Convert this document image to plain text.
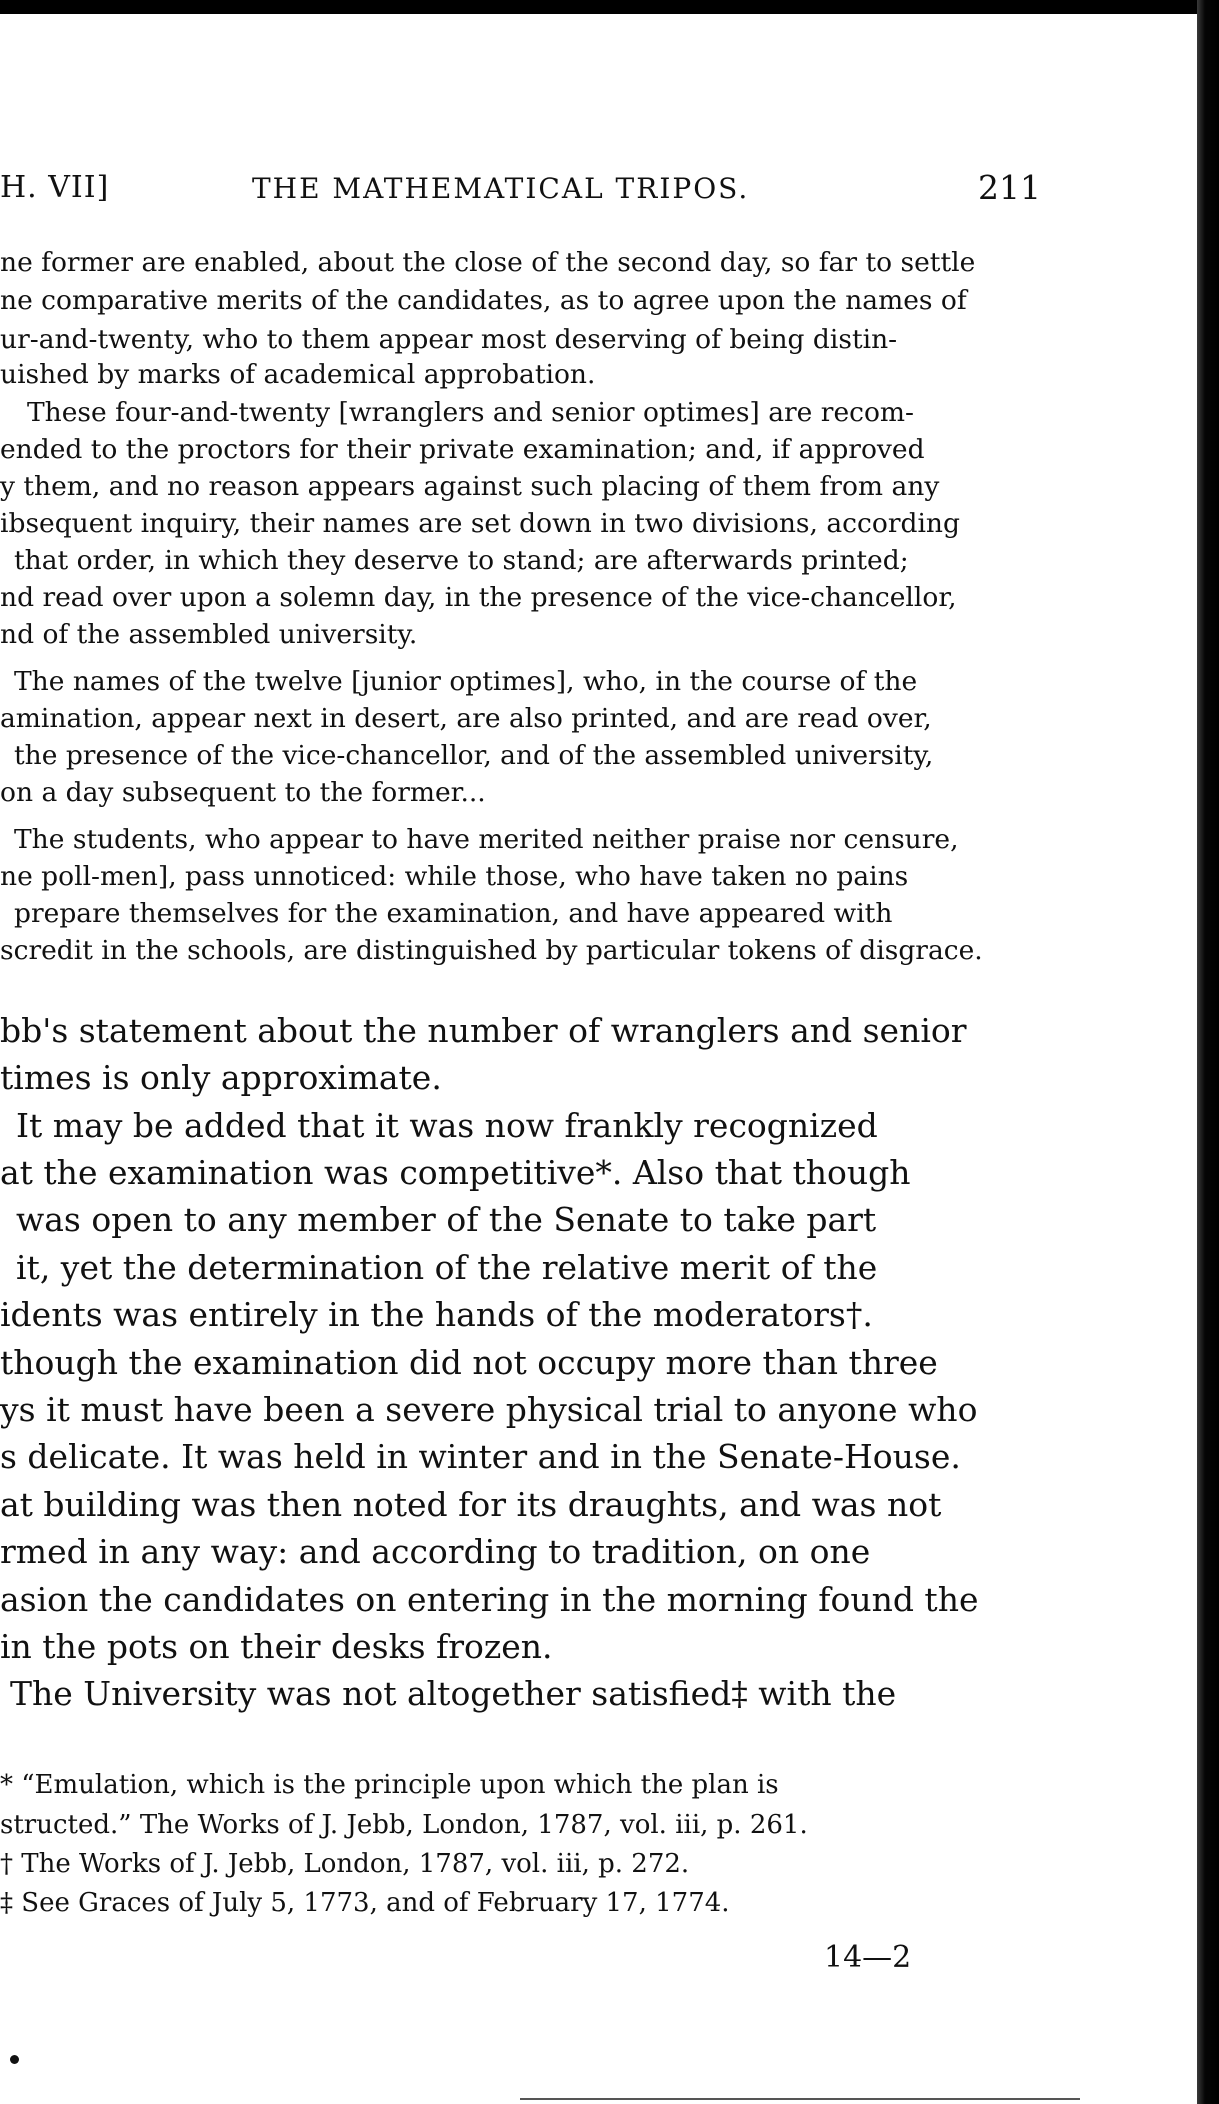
H. VII]	THE MATHEMATICAL TRIPOS.	211
ne former are enabled, about the close of the second day, so far to settle
ne comparative merits of the candidates, as to agree upon the names of
ur-and-twenty, who to them appear most deserving of being distin-
uished by marks of academical approbation.
These four-and-twenty [wranglers and senior optimes] are recom-
ended to the proctors for their private examination; and, if approved
y them, and no reason appears against such placing of them from any
ibsequent inquiry, their names are set down in two divisions, according
that order, in which they deserve to stand; are afterwards printed;
nd read over upon a solemn day, in the presence of the vice-chancellor,
nd of the assembled university.
The names of the twelve [junior optimes], who, in the course of the
amination, appear next in desert, are also printed, and are read over,
the presence of the vice-chancellor, and of the assembled university,
on a day subsequent to the former...
The students, who appear to have merited neither praise nor censure,
ne poll-men], pass unnoticed: while those, who have taken no pains
prepare themselves for the examination, and have appeared with
scredit in the schools, are distinguished by particular tokens of disgrace.
bb's statement about the number of wranglers and senior
times is only approximate.
It may be added that it was now frankly recognized
at the examination was competitive*. Also that though
was open to any member of the Senate to take part
it, yet the determination of the relative merit of the
idents was entirely in the hands of the moderators†.
though the examination did not occupy more than three
ys it must have been a severe physical trial to anyone who
s delicate. It was held in winter and in the Senate-House.
at building was then noted for its draughts, and was not
rmed in any way: and according to tradition, on one
asion the candidates on entering in the morning found the
in the pots on their desks frozen.
The University was not altogether satisfied‡ with the
* “Emulation, which is the principle upon which the plan is
structed.” The Works of J. Jebb, London, 1787, vol. iii, p. 261.
† The Works of J. Jebb, London, 1787, vol. iii, p. 272.
‡ See Graces of July 5, 1773, and of February 17, 1774.
14—2
